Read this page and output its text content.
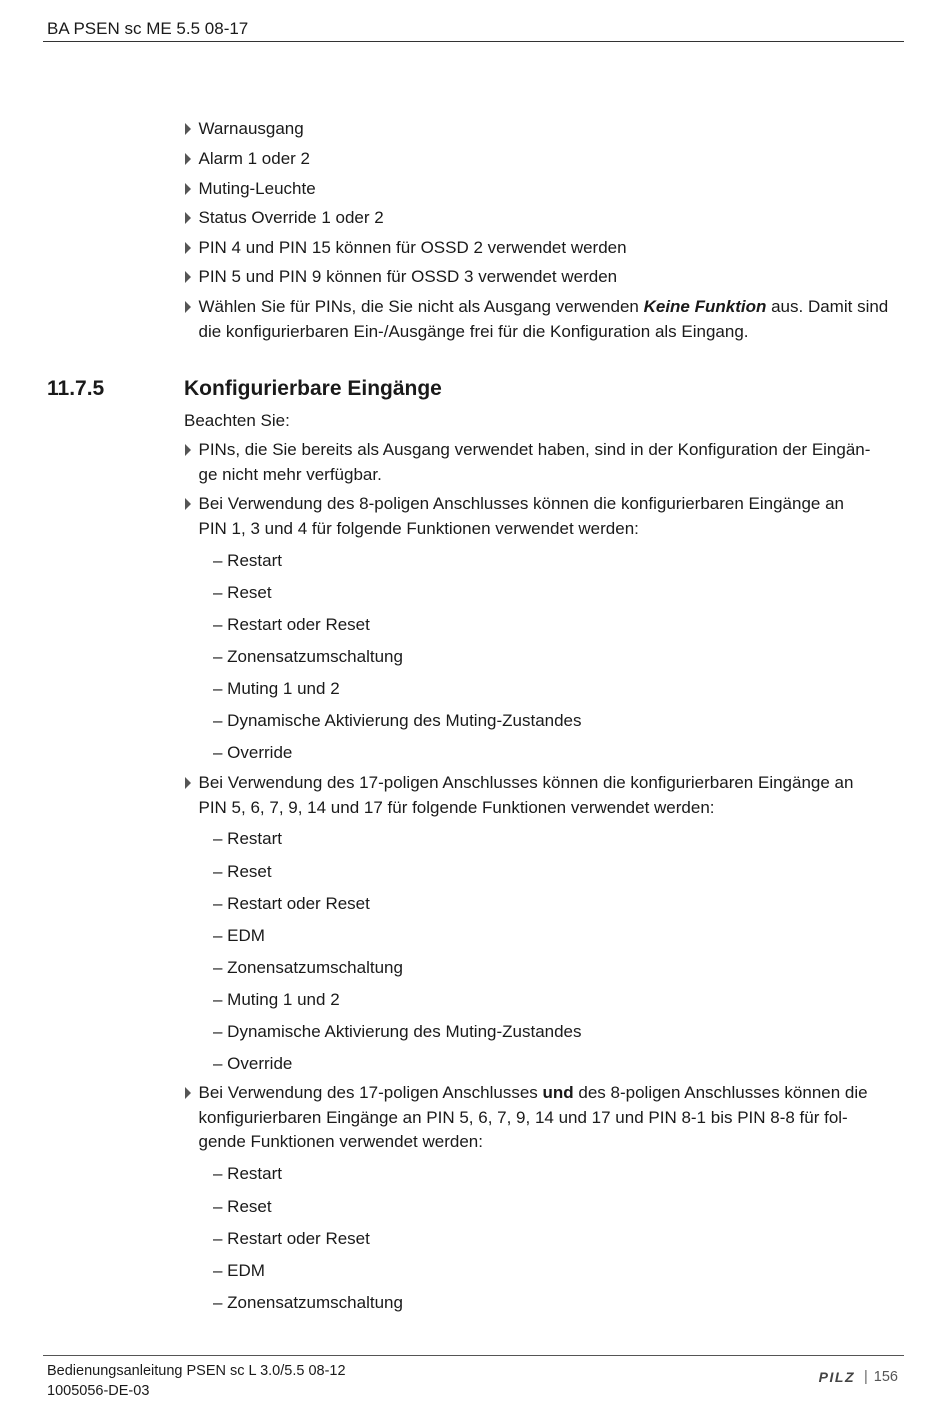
BA PSEN sc ME 5.5 08-17
Warnausgang
Alarm 1 oder 2
Muting-Leuchte
Status Override 1 oder 2
PIN 4 und PIN 15 können für OSSD 2 verwendet werden
PIN 5 und PIN 9 können für OSSD 3 verwendet werden
Wählen Sie für PINs, die Sie nicht als Ausgang verwenden Keine Funktion aus. Damit sind die konfigurierbaren Ein-/Ausgänge frei für die Konfiguration als Eingang.
11.7.5	Konfigurierbare Eingänge
Beachten Sie:
PINs, die Sie bereits als Ausgang verwendet haben, sind in der Konfiguration der Eingän-
ge nicht mehr verfügbar.
Bei Verwendung des 8-poligen Anschlusses können die konfigurierbaren Eingänge an
PIN 1, 3 und 4 für folgende Funktionen verwendet werden:
– Restart
– Reset
– Restart oder Reset
– Zonensatzumschaltung
– Muting 1 und 2
– Dynamische Aktivierung des Muting-Zustandes
– Override
Bei Verwendung des 17-poligen Anschlusses können die konfigurierbaren Eingänge an
PIN 5, 6, 7, 9, 14 und 17 für folgende Funktionen verwendet werden:
– Restart
– Reset
– Restart oder Reset
– EDM
– Zonensatzumschaltung
– Muting 1 und 2
– Dynamische Aktivierung des Muting-Zustandes
– Override
Bei Verwendung des 17-poligen Anschlusses und des 8-poligen Anschlusses können die
konfigurierbaren Eingänge an PIN 5, 6, 7, 9, 14 und 17 und PIN 8-1 bis PIN 8-8 für fol-
gende Funktionen verwendet werden:
– Restart
– Reset
– Restart oder Reset
– EDM
– Zonensatzumschaltung
Bedienungsanleitung PSEN sc L 3.0/5.5 08-12
1005056-DE-03
PILZ | 156
